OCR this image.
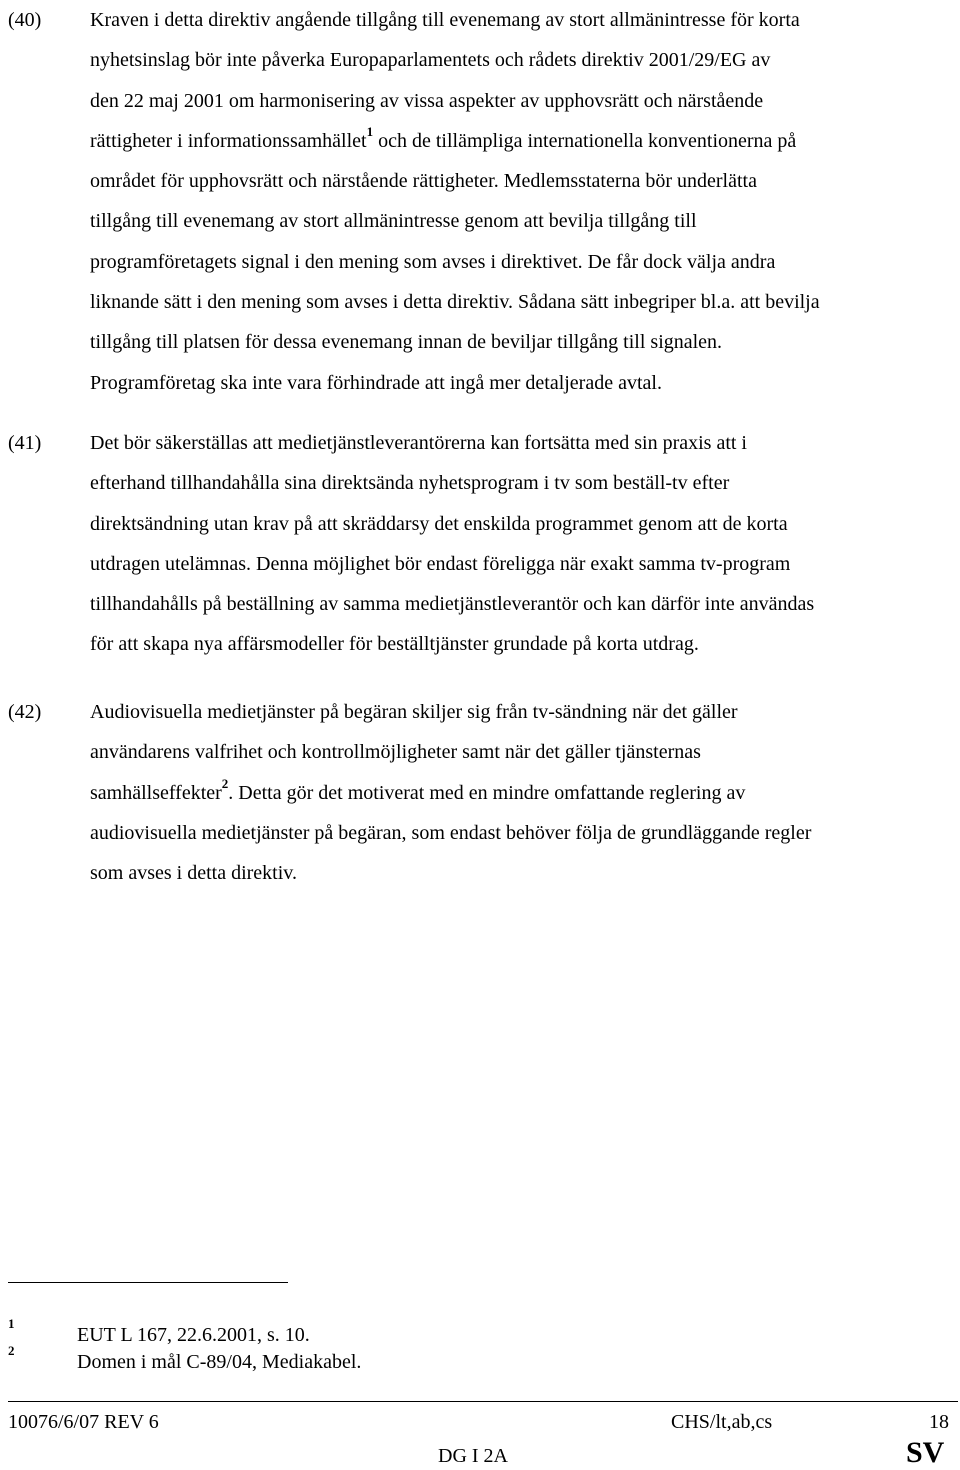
(40) Kraven i detta direktiv angående tillgång till evenemang av stort allmänintresse för korta
nyhetsinslag bör inte påverka Europaparlamentets och rådets direktiv 2001/29/EG av
den 22 maj 2001 om harmonisering av vissa aspekter av upphovsrätt och närstående
rättigheter i informationssamhället$^1$ och de tillämpliga internationella konventionerna på
området för upphovsrätt och närstående rättigheter. Medlemsstaterna bör underlätta
tillgång till evenemang av stort allmänintresse genom att bevilja tillgång till
programföretagets signal i den mening som avses i direktivet. De får dock välja andra
liknande sätt i den mening som avses i detta direktiv. Sådana sätt inbegriper bl.a. att bevilja
tillgång till platsen för dessa evenemang innan de beviljar tillgång till signalen.
Programföretag ska inte vara förhindrade att ingå mer detaljerade avtal.
(41) Det bör säkerställas att medietjänstleverantörerna kan fortsätta med sin praxis att i
efterhand tillhandahålla sina direktsända nyhetsprogram i tv som beställ-tv efter
direktsändning utan krav på att skräddarsy det enskilda programmet genom att de korta
utdragen utelämnas. Denna möjlighet bör endast föreligga när exakt samma tv-program
tillhandahålls på beställning av samma medietjänstleverantör och kan därför inte användas
för att skapa nya affärsmodeller för beställtjänster grundade på korta utdrag.
(42) Audiovisuella medietjänster på begäran skiljer sig från tv-sändning när det gäller
användarens valfrihet och kontrollmöjligheter samt när det gäller tjänsternas
samhällseffekter$^2$. Detta gör det motiverat med en mindre omfattande reglering av
audiovisuella medietjänster på begäran, som endast behöver följa de grundläggande regler
som avses i detta direktiv.
1
EUT L 167, 22.6.2001, s. 10.
2
Domen i mål C-89/04, Mediakabel.
10076/6/07 REV 6	CHS/lt,ab,cs	18
DG I 2A	SV
